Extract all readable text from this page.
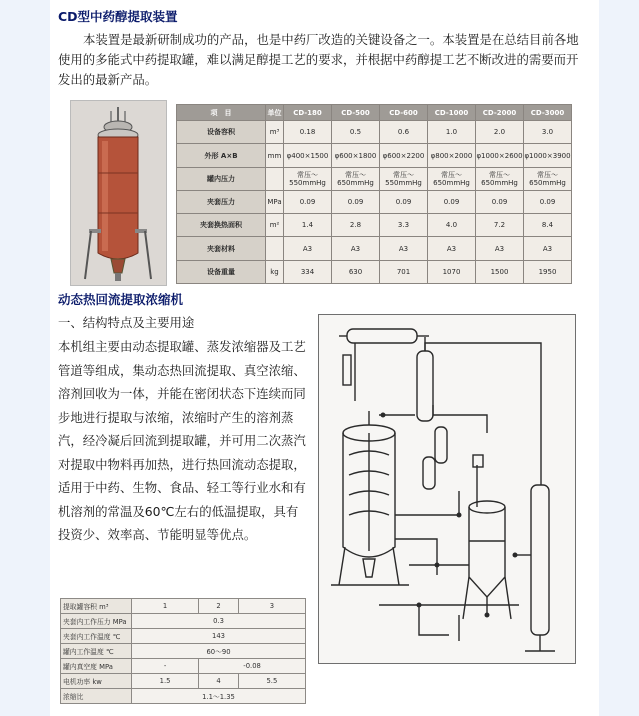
CD型中药醇提取装置
本装置是最新研制成功的产品，也是中药厂改造的关键设备之一。本装置是在总结目前各地使用的多能式中药提取罐，难以满足醇提工艺的要求，并根据中药醇提工艺不断改进的需要而开发出的最新产品。
项　目	单位	CD-180	CD-500	CD-600	CD-1000	CD-2000	CD-3000
设备容积	m³	0.18	0.5	0.6	1.0	2.0	3.0
外形 A×B	mm	φ400×1500	φ600×1800	φ600×2200	φ800×2000	φ1000×2600	φ1000×3900
罐内压力		常压～550mmHg	常压～650mmHg	常压～550mmHg	常压～650mmHg	常压～650mmHg	常压～650mmHg
夹套压力	MPa	0.09	0.09	0.09	0.09	0.09	0.09
夹套换热面积	m²	1.4	2.8	3.3	4.0	7.2	8.4
夹套材料		A3	A3	A3	A3	A3	A3
设备重量	kg	334	630	701	1070	1500	1950
动态热回流提取浓缩机
一、结构特点及主要用途
本机组主要由动态提取罐、蒸发浓缩器及工艺管道等组成，集动态热回流提取、真空浓缩、溶剂回收为一体，并能在密闭状态下连续而同步地进行提取与浓缩，浓缩时产生的溶剂蒸汽，经冷凝后回流到提取罐，并可用二次蒸汽对提取中物料再加热，进行热回流动态提取，适用于中药、生物、食品、轻工等行业水和有机溶剂的常温及60℃左右的低温提取，具有投资少、效率高、节能明显等优点。
提取罐容积 m³	1	2	3
夹套内工作压力 MPa	0.3		
夹套内工作温度 ℃	143		
罐内工作温度 ℃	60～90		
罐内真空度 MPa	-	-0.08	
电机功率 kw	1.5	4	5.5
浓缩比	1.1～1.35		
